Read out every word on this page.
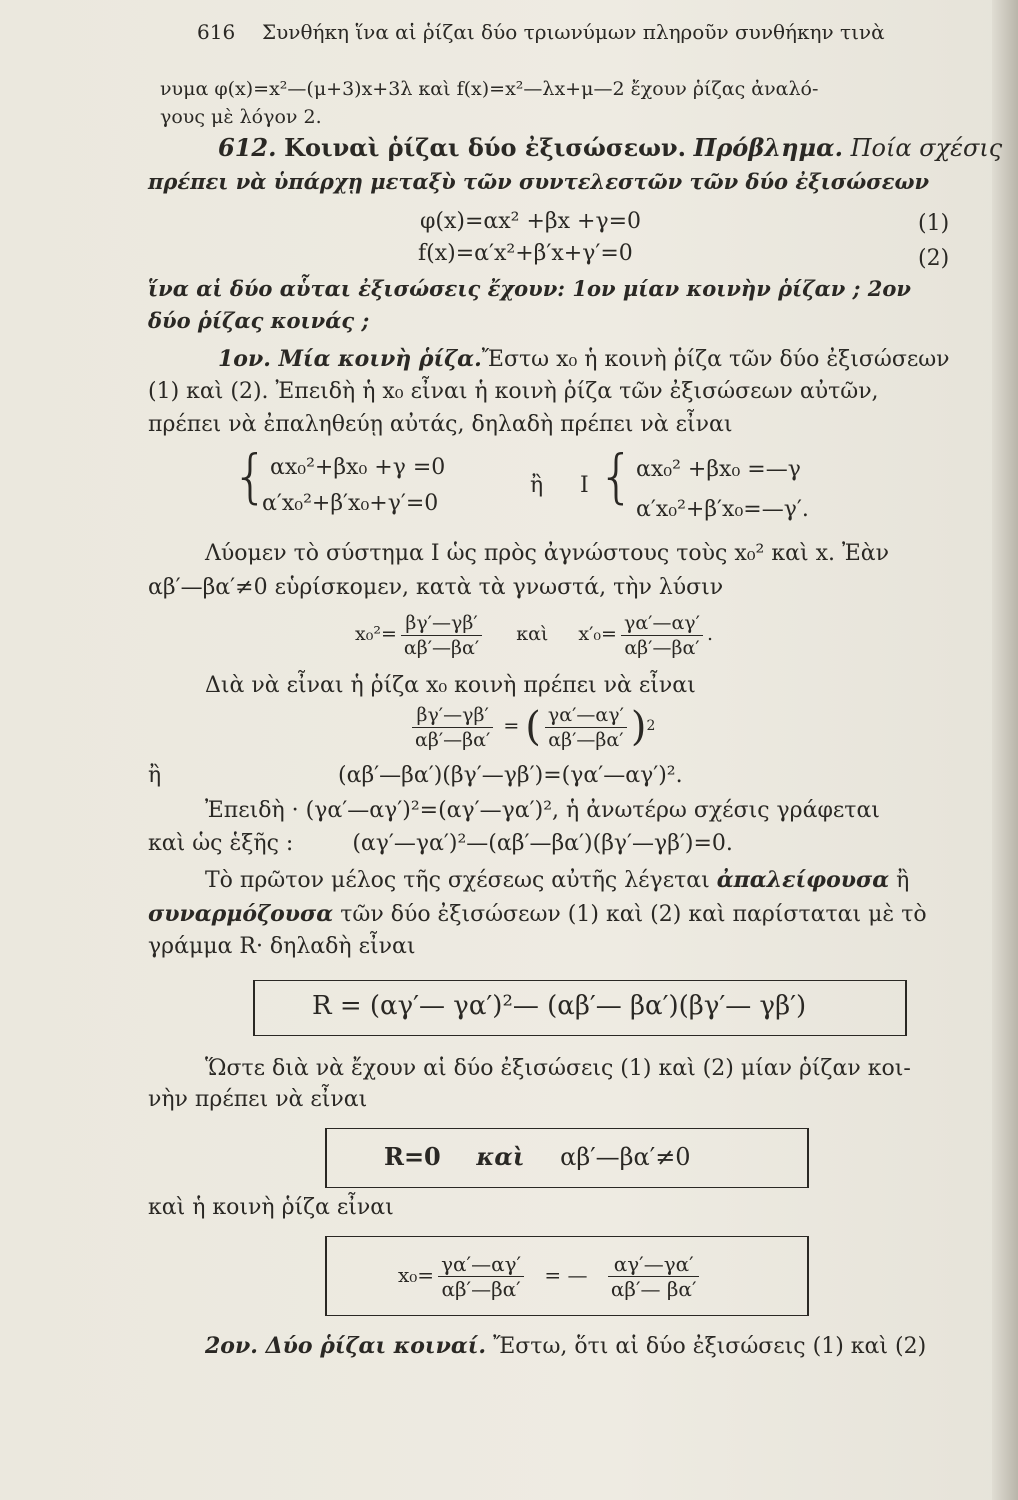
616 Συνθήκη ἵνα αἱ ῥίζαι δύο τριωνύμων πληροῦν συνθήκην τινὰ
νυμα φ(x)=x²—(μ+3)x+3λ καὶ f(x)=x²—λx+μ—2 ἔχουν ῥίζας ἀναλό-
γους μὲ λόγον 2.
612. Κοιναὶ ῥίζαι δύο ἐξισώσεων. Πρόβλημα. Ποία σχέσις
πρέπει νὰ ὑπάρχῃ μεταξὺ τῶν συντελεστῶν τῶν δύο ἐξισώσεων
φ(x)=αx² +βx +γ=0	(1)
f(x)=α′x²+β′x+γ′=0	(2)
ἵνα αἱ δύο αὗται ἐξισώσεις ἔχουν: 1ον μίαν κοινὴν ῥίζαν ; 2ον
δύο ῥίζας κοινάς ;
1ον. Μία κοινὴ ῥίζα.Ἔστω x₀ ἡ κοινὴ ῥίζα τῶν δύο ἐξισώσεων
(1) καὶ (2). Ἐπειδὴ ἡ x₀ εἶναι ἡ κοινὴ ῥίζα τῶν ἐξισώσεων αὐτῶν,
πρέπει νὰ ἐπαληθεύῃ αὐτάς, δηλαδὴ πρέπει νὰ εἶναι
{ αx₀²+βx₀ +γ =0
α′x₀²+β′x₀+γ′=0
ἢ I { αx₀² +βx₀ =—γ
α′x₀²+β′x₀=—γ′.
Λύομεν τὸ σύστημα I ὡς πρὸς ἀγνώστους τοὺς x₀² καὶ x. Ἐὰν
αβ′—βα′≠0 εὑρίσκομεν, κατὰ τὰ γνωστά, τὴν λύσιν
$x_0^2= \frac{\beta\gamma'—\gamma\beta'}{\alpha\beta'—\beta\alpha'}$ καὶ $x'_0= \frac{\gamma\alpha'—\alpha\gamma'}{\alpha\beta'—\beta\alpha'}$ .
Διὰ νὰ εἶναι ἡ ῥίζα x₀ κοινὴ πρέπει νὰ εἶναι
$\frac{\beta\gamma'—\gamma\beta'}{\alpha\beta'—\beta\alpha'}$ = ( $\frac{\gamma\alpha'—\alpha\gamma'}{\alpha\beta'—\beta\alpha'} )^2$
ἢ	(αβ′—βα′)(βγ′—γβ′)=(γα′—αγ′)².
Ἐπειδὴ · (γα′—αγ′)²=(αγ′—γα′)², ἡ ἀνωτέρω σχέσις γράφεται
καὶ ὡς ἑξῆς :	(αγ′—γα′)²—(αβ′—βα′)(βγ′—γβ′)=0.
Τὸ πρῶτον μέλος τῆς σχέσεως αὐτῆς λέγεται ἀπαλείφουσα ἢ
συναρμόζουσα τῶν δύο ἐξισώσεων (1) καὶ (2) καὶ παρίσταται μὲ τὸ
γράμμα R· δηλαδὴ εἶναι
R = (αγ′— γα′)²— (αβ′— βα′)(βγ′— γβ′)
Ὥστε διὰ νὰ ἔχουν αἱ δύο ἐξισώσεις (1) καὶ (2) μίαν ῥίζαν κοι-
νὴν πρέπει νὰ εἶναι
R=0 καὶ αβ′—βα′≠0
καὶ ἡ κοινὴ ῥίζα εἶναι
$x_0= \frac{\gamma\alpha'—\alpha\gamma'}{\alpha\beta'—\beta\alpha'}$ = — $\frac{\alpha\gamma'—\gamma\alpha'}{\alpha\beta'— \beta\alpha'}$
2ον. Δύο ῥίζαι κοιναί. Ἔστω, ὅτι αἱ δύο ἐξισώσεις (1) καὶ (2)
